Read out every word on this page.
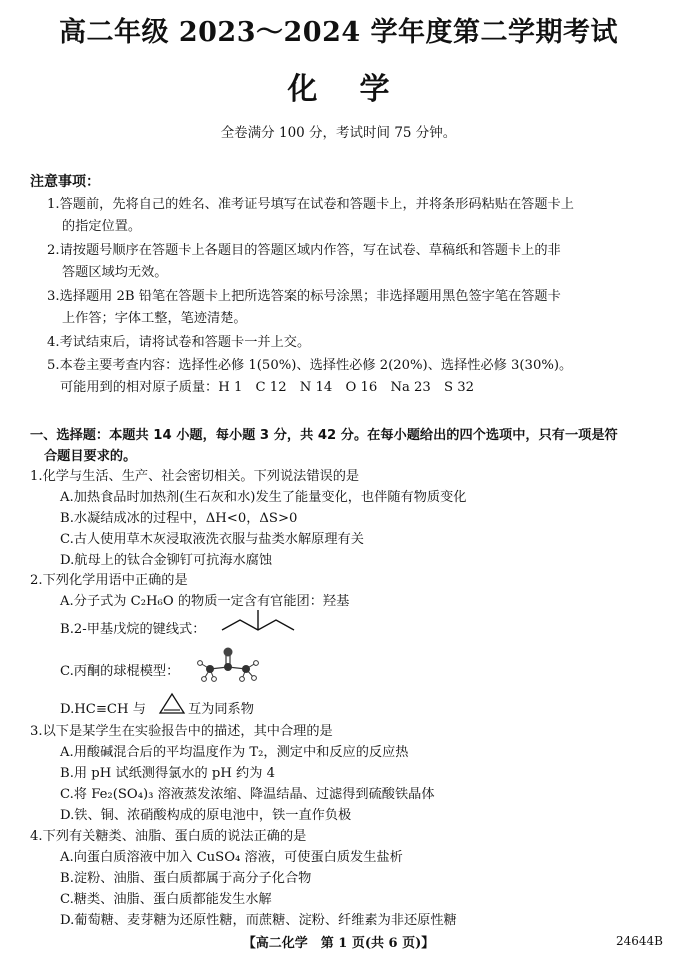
高二年级 2023～2024 学年度第二学期考试
化学
全卷满分 100 分，考试时间 75 分钟。
注意事项：
1.答题前，先将自己的姓名、准考证号填写在试卷和答题卡上，并将条形码粘贴在答题卡上
的指定位置。
2.请按题号顺序在答题卡上各题目的答题区域内作答，写在试卷、草稿纸和答题卡上的非
答题区域均无效。
3.选择题用 2B 铅笔在答题卡上把所选答案的标号涂黑；非选择题用黑色签字笔在答题卡
上作答；字体工整，笔迹清楚。
4.考试结束后，请将试卷和答题卡一并上交。
5.本卷主要考查内容：选择性必修 1(50%)、选择性必修 2(20%)、选择性必修 3(30%)。
可能用到的相对原子质量：H 1　C 12　N 14　O 16　Na 23　S 32
一、选择题：本题共 14 小题，每小题 3 分，共 42 分。在每小题给出的四个选项中，只有一项是符
合题目要求的。
1.化学与生活、生产、社会密切相关。下列说法错误的是
A.加热食品时加热剂(生石灰和水)发生了能量变化，也伴随有物质变化
B.水凝结成冰的过程中，ΔH<0，ΔS>0
C.古人使用草木灰浸取液洗衣服与盐类水解原理有关
D.航母上的钛合金铆钉可抗海水腐蚀
2.下列化学用语中正确的是
A.分子式为 C₂H₆O 的物质一定含有官能团：羟基
B.2-甲基戊烷的键线式：
C.丙酮的球棍模型：
D.HC≡CH 与	互为同系物
3.以下是某学生在实验报告中的描述，其中合理的是
A.用酸碱混合后的平均温度作为 T₂，测定中和反应的反应热
B.用 pH 试纸测得氯水的 pH 约为 4
C.将 Fe₂(SO₄)₃ 溶液蒸发浓缩、降温结晶、过滤得到硫酸铁晶体
D.铁、铜、浓硝酸构成的原电池中，铁一直作负极
4.下列有关糖类、油脂、蛋白质的说法正确的是
A.向蛋白质溶液中加入 CuSO₄ 溶液，可使蛋白质发生盐析
B.淀粉、油脂、蛋白质都属于高分子化合物
C.糖类、油脂、蛋白质都能发生水解
D.葡萄糖、麦芽糖为还原性糖，而蔗糖、淀粉、纤维素为非还原性糖
【高二化学　第 1 页(共 6 页)】	24644B
